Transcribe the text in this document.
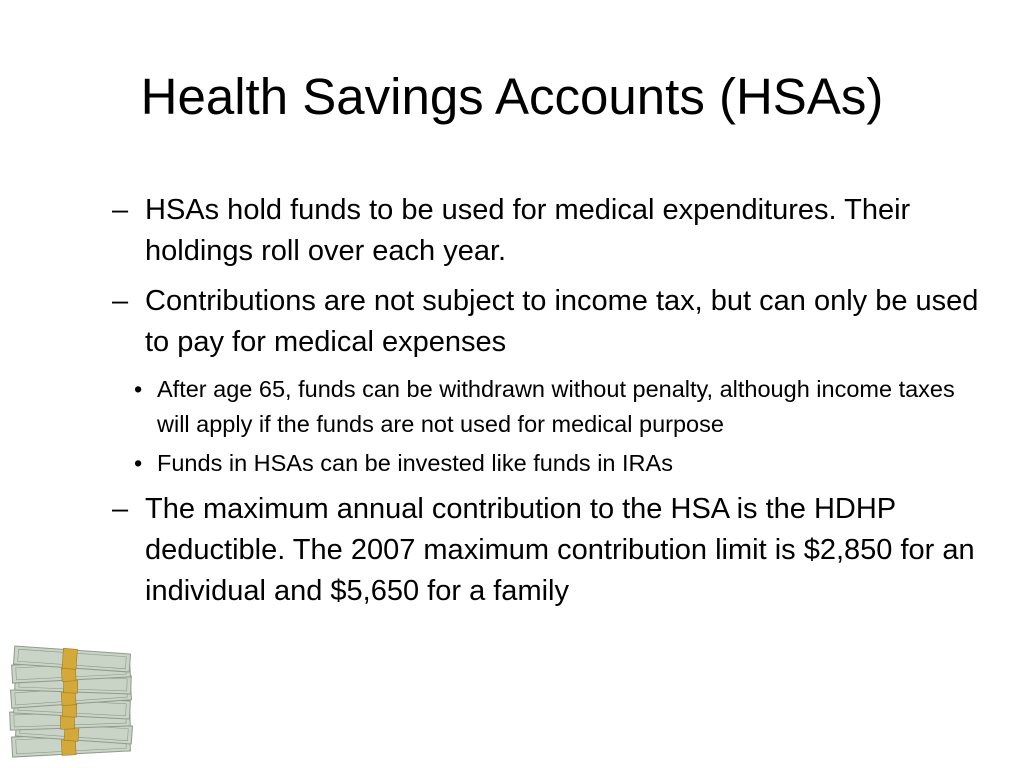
Health Savings Accounts (HSAs)
– HSAs hold funds to be used for medical expenditures. Their holdings roll over each year.
– Contributions are not subject to income tax, but can only be used to pay for medical expenses
• After age 65, funds can be withdrawn without penalty, although income taxes will apply if the funds are not used for medical purpose
• Funds in HSAs can be invested like funds in IRAs
– The maximum annual contribution to the HSA is the HDHP deductible. The 2007 maximum contribution limit is $2,850 for an individual and $5,650 for a family
